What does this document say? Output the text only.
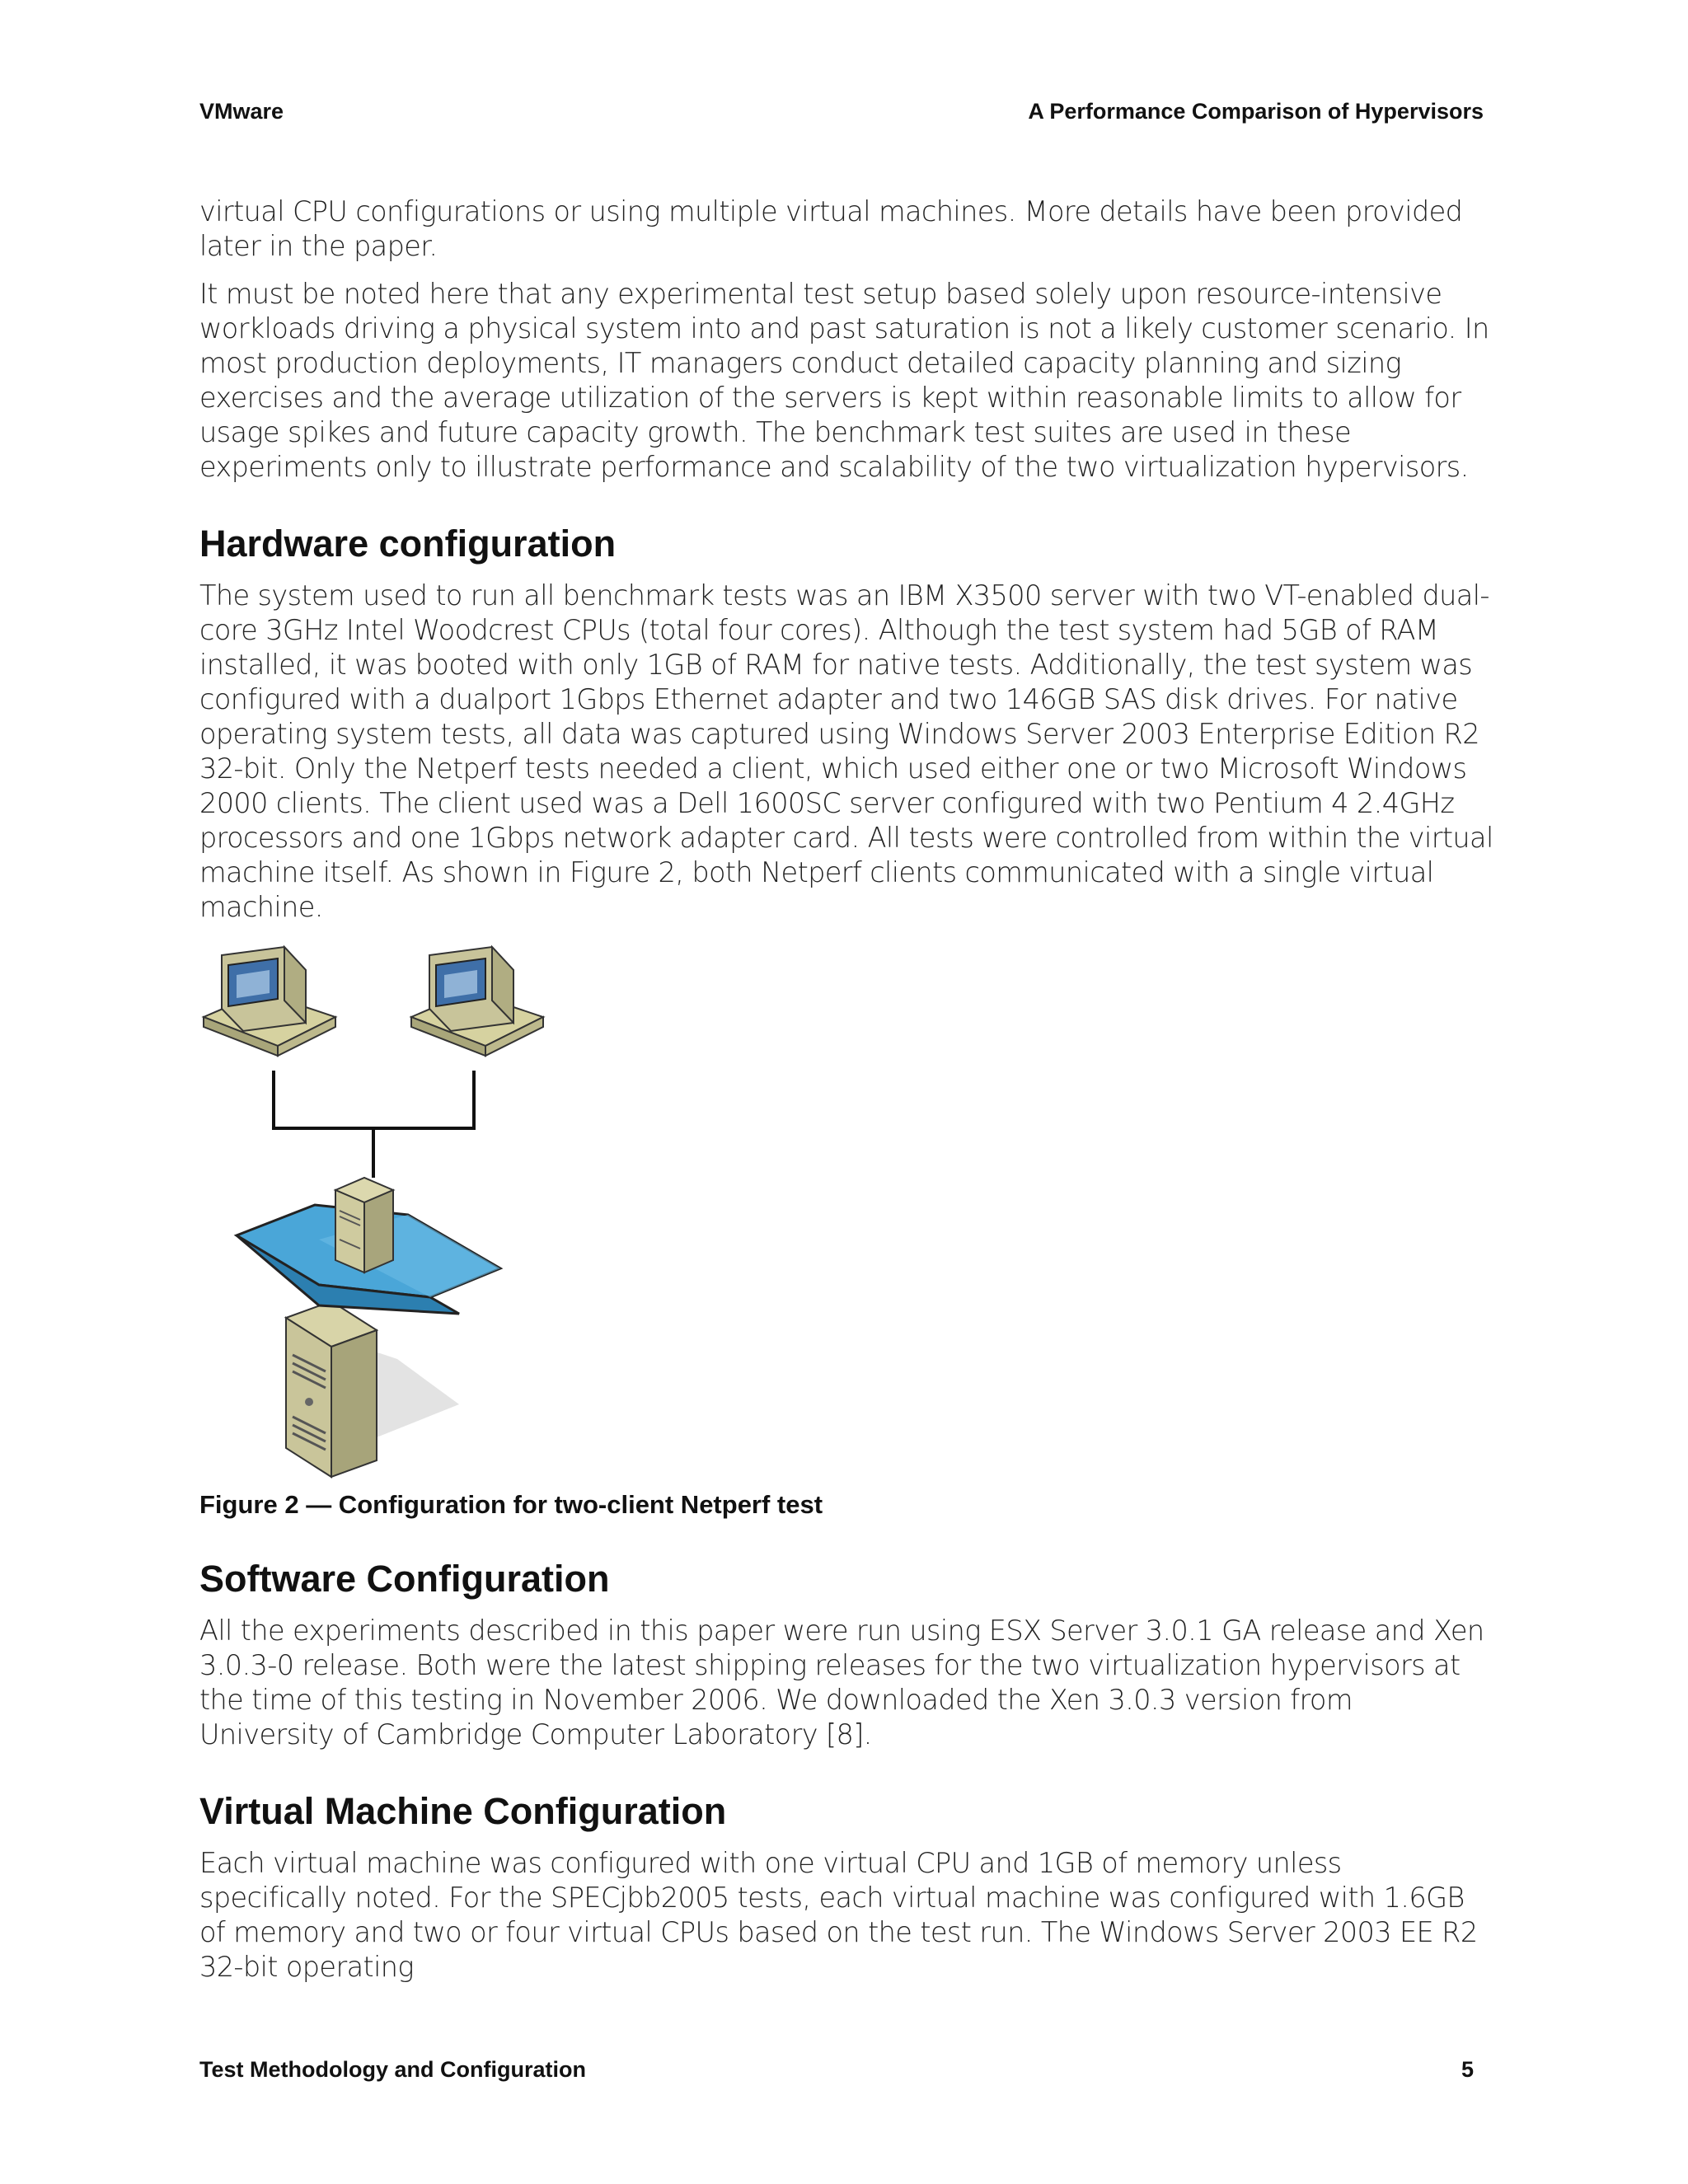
VMware	A Performance Comparison of Hypervisors

virtual CPU configurations or using multiple virtual machines. More details have been provided later in the paper.

It must be noted here that any experimental test setup based solely upon resource-intensive workloads driving a physical system into and past saturation is not a likely customer scenario. In most production deployments, IT managers conduct detailed capacity planning and sizing exercises and the average utilization of the servers is kept within reasonable limits to allow for usage spikes and future capacity growth. The benchmark test suites are used in these experiments only to illustrate performance and scalability of the two virtualization hypervisors.

Hardware configuration

The system used to run all benchmark tests was an IBM X3500 server with two VT-enabled dual-core 3GHz Intel Woodcrest CPUs (total four cores). Although the test system had 5GB of RAM installed, it was booted with only 1GB of RAM for native tests. Additionally, the test system was configured with a dualport 1Gbps Ethernet adapter and two 146GB SAS disk drives. For native operating system tests, all data was captured using Windows Server 2003 Enterprise Edition R2 32-bit. Only the Netperf tests needed a client, which used either one or two Microsoft Windows 2000 clients. The client used was a Dell 1600SC server configured with two Pentium 4 2.4GHz processors and one 1Gbps network adapter card. All tests were controlled from within the virtual machine itself. As shown in Figure 2, both Netperf clients communicated with a single virtual machine.

Figure 2 — Configuration for two-client Netperf test

Software Configuration

All the experiments described in this paper were run using ESX Server 3.0.1 GA release and Xen 3.0.3-0 release. Both were the latest shipping releases for the two virtualization hypervisors at the time of this testing in November 2006. We downloaded the Xen 3.0.3 version from University of Cambridge Computer Laboratory [8].

Virtual Machine Configuration

Each virtual machine was configured with one virtual CPU and 1GB of memory unless specifically noted. For the SPECjbb2005 tests, each virtual machine was configured with 1.6GB of memory and two or four virtual CPUs based on the test run. The Windows Server 2003 EE R2 32-bit operating

Test Methodology and Configuration	5
